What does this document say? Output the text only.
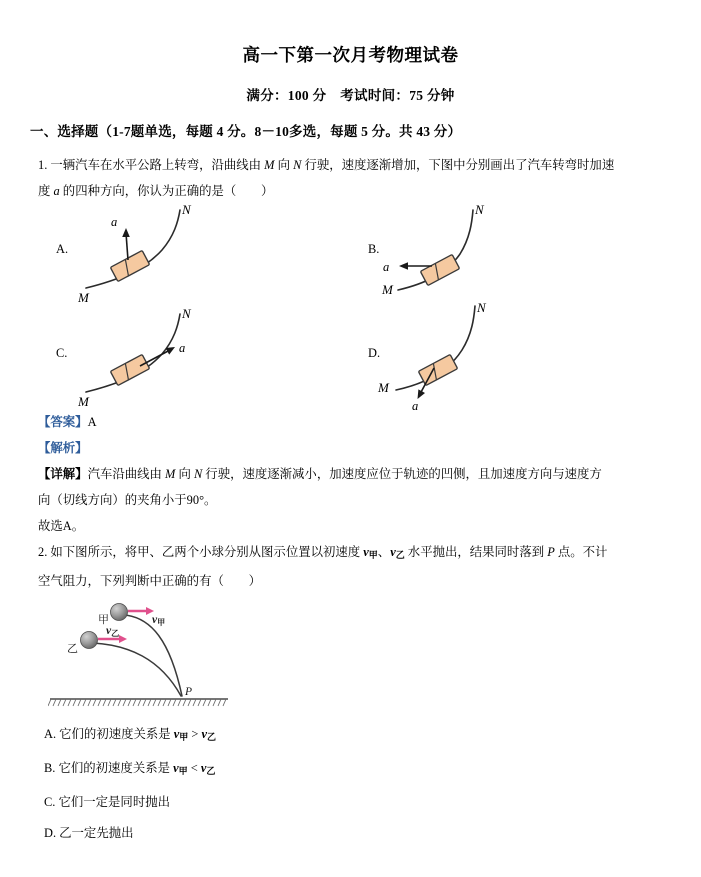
高一下第一次月考物理试卷
满分：100 分　考试时间：75 分钟
一、选择题（1-7题单选，每题 4 分。8－10多选，每题 5 分。共 43 分）
1. 一辆汽车在水平公路上转弯，沿曲线由 M 向 N 行驶，速度逐渐增加，下图中分别画出了汽车转弯时加速
度 a 的四种方向，你认为正确的是（　　）
A.
a
M
N
B.
a
M
N
C.	a
M
N
D.
a
M
N
【答案】A
【解析】
【详解】汽车沿曲线由 M 向 N 行驶，速度逐渐减小，加速度应位于轨迹的凹侧，且加速度方向与速度方
向（切线方向）的夹角小于90°。
故选A。
2. 如下图所示，将甲、乙两个小球分别从图示位置以初速度 $v_甲$、$v_乙$ 水平抛出，结果同时落到 P 点。不计
空气阻力，下列判断中正确的有（　　）
甲
乙
v甲
v乙
P
A. 它们的初速度关系是 $v_甲 > v_乙$
B. 它们的初速度关系是 $v_甲 < v_乙$
C. 它们一定是同时抛出
D. 乙一定先抛出
